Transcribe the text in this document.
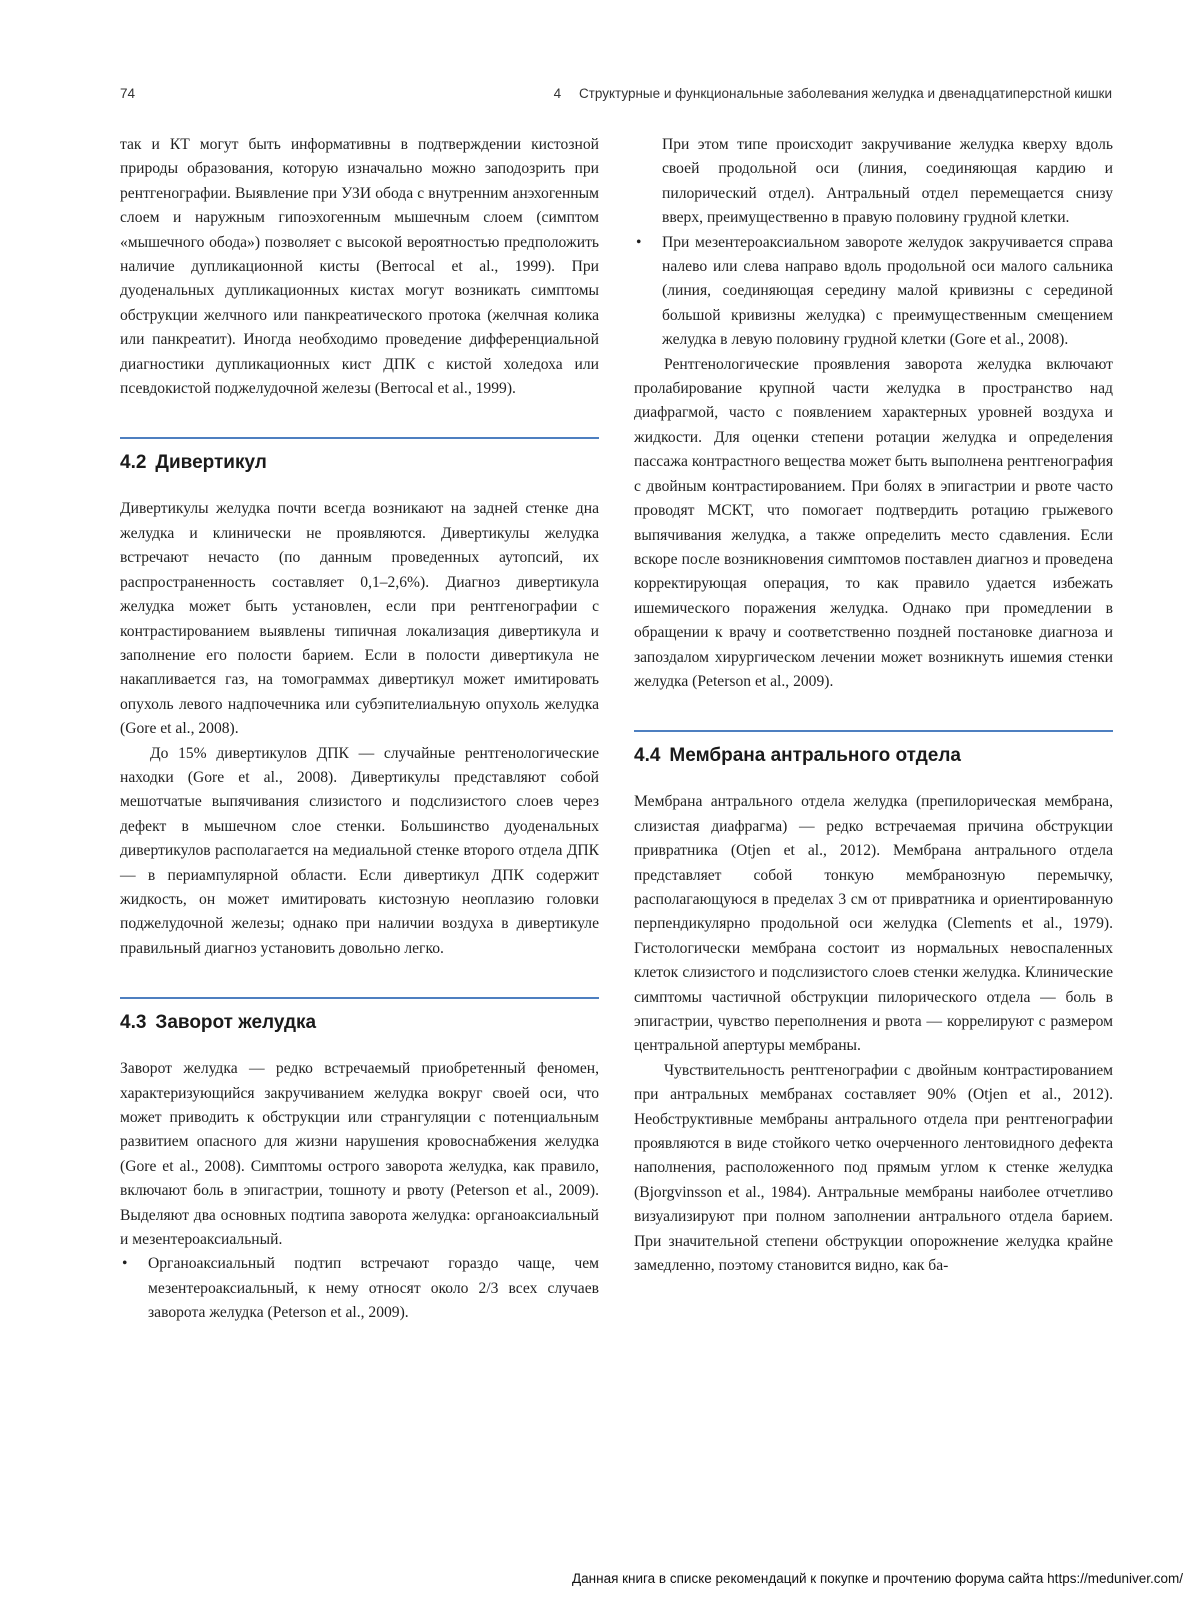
74	4 Структурные и функциональные заболевания желудка и двенадцатиперстной кишки

так и КТ могут быть информативны в подтверждении кистозной природы образования, которую изначально можно заподозрить при рентгенографии. Выявление при УЗИ обода с внутренним анэхогенным слоем и наружным гипоэхогенным мышечным слоем (симптом «мышечного обода») позволяет с высокой вероятностью предположить наличие дупликационной кисты (Berrocal et al., 1999). При дуоденальных дупликационных кистах могут возникать симптомы обструкции желчного или панкреатического протока (желчная колика или панкреатит). Иногда необходимо проведение дифференциальной диагностики дупликационных кист ДПК с кистой холедоха или псевдокистой поджелудочной железы (Berrocal et al., 1999).

4.2 Дивертикул

Дивертикулы желудка почти всегда возникают на задней стенке дна желудка и клинически не проявляются. Дивертикулы желудка встречают нечасто (по данным проведенных аутопсий, их распространенность составляет 0,1–2,6%). Диагноз дивертикула желудка может быть установлен, если при рентгенографии с контрастированием выявлены типичная локализация дивертикула и заполнение его полости барием. Если в полости дивертикула не накапливается газ, на томограммах дивертикул может имитировать опухоль левого надпочечника или субэпителиальную опухоль желудка (Gore et al., 2008).

До 15% дивертикулов ДПК — случайные рентгенологические находки (Gore et al., 2008). Дивертикулы представляют собой мешотчатые выпячивания слизистого и подслизистого слоев через дефект в мышечном слое стенки. Большинство дуоденальных дивертикулов располагается на медиальной стенке второго отдела ДПК — в периампулярной области. Если дивертикул ДПК содержит жидкость, он может имитировать кистозную неоплазию головки поджелудочной железы; однако при наличии воздуха в дивертикуле правильный диагноз установить довольно легко.

4.3 Заворот желудка

Заворот желудка — редко встречаемый приобретенный феномен, характеризующийся закручиванием желудка вокруг своей оси, что может приводить к обструкции или странгуляции с потенциальным развитием опасного для жизни нарушения кровоснабжения желудка (Gore et al., 2008). Симптомы острого заворота желудка, как правило, включают боль в эпигастрии, тошноту и рвоту (Peterson et al., 2009). Выделяют два основных подтипа заворота желудка: органоаксиальный и мезентероаксиальный.

• Органоаксиальный подтип встречают гораздо чаще, чем мезентероаксиальный, к нему относят около 2/3 всех случаев заворота желудка (Peterson et al., 2009).
При этом типе происходит закручивание желудка кверху вдоль своей продольной оси (линия, соединяющая кардию и пилорический отдел). Антральный отдел перемещается снизу вверх, преимущественно в правую половину грудной клетки.
• При мезентероаксиальном завороте желудок закручивается справа налево или слева направо вдоль продольной оси малого сальника (линия, соединяющая середину малой кривизны с серединой большой кривизны желудка) с преимущественным смещением желудка в левую половину грудной клетки (Gore et al., 2008).

Рентгенологические проявления заворота желудка включают пролабирование крупной части желудка в пространство над диафрагмой, часто с появлением характерных уровней воздуха и жидкости. Для оценки степени ротации желудка и определения пассажа контрастного вещества может быть выполнена рентгенография с двойным контрастированием. При болях в эпигастрии и рвоте часто проводят МСКТ, что помогает подтвердить ротацию грыжевого выпячивания желудка, а также определить место сдавления. Если вскоре после возникновения симптомов поставлен диагноз и проведена корректирующая операция, то как правило удается избежать ишемического поражения желудка. Однако при промедлении в обращении к врачу и соответственно поздней постановке диагноза и запоздалом хирургическом лечении может возникнуть ишемия стенки желудка (Peterson et al., 2009).

4.4 Мембрана антрального отдела

Мембрана антрального отдела желудка (препилорическая мембрана, слизистая диафрагма) — редко встречаемая причина обструкции привратника (Otjen et al., 2012). Мембрана антрального отдела представляет собой тонкую мембранозную перемычку, располагающуюся в пределах 3 см от привратника и ориентированную перпендикулярно продольной оси желудка (Clements et al., 1979). Гистологически мембрана состоит из нормальных невоспаленных клеток слизистого и подслизистого слоев стенки желудка. Клинические симптомы частичной обструкции пилорического отдела — боль в эпигастрии, чувство переполнения и рвота — коррелируют с размером центральной апертуры мембраны.

Чувствительность рентгенографии с двойным контрастированием при антральных мембранах составляет 90% (Otjen et al., 2012). Необструктивные мембраны антрального отдела при рентгенографии проявляются в виде стойкого четко очерченного лентовидного дефекта наполнения, расположенного под прямым углом к стенке желудка (Bjorgvinsson et al., 1984). Антральные мембраны наиболее отчетливо визуализируют при полном заполнении антрального отдела барием. При значительной степени обструкции опорожнение желудка крайне замедленно, поэтому становится видно, как ба-

Данная книга в списке рекомендаций к покупке и прочтению форума сайта https://meduniver.com/
